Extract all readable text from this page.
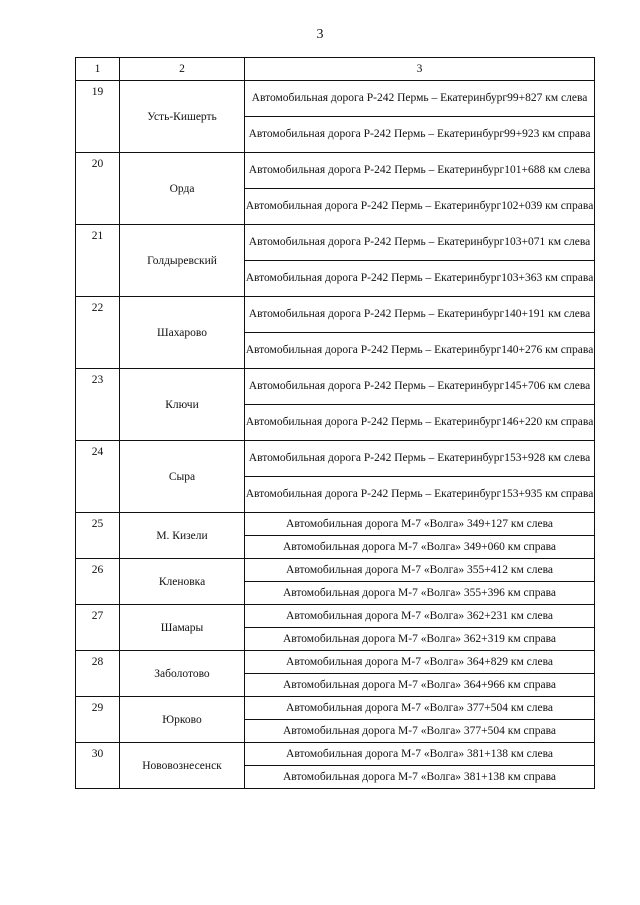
3
1	2	3
19	Усть-Кишерть	Автомобильная дорога Р-242 Пермь – Екатеринбург99+827 км слева
		Автомобильная дорога Р-242 Пермь – Екатеринбург99+923 км справа
20	Орда	Автомобильная дорога Р-242 Пермь – Екатеринбург101+688 км слева
		Автомобильная дорога Р-242 Пермь – Екатеринбург102+039 км справа
21	Голдыревский	Автомобильная дорога Р-242 Пермь – Екатеринбург103+071 км слева
		Автомобильная дорога Р-242 Пермь – Екатеринбург103+363 км справа
22	Шахарово	Автомобильная дорога Р-242 Пермь – Екатеринбург140+191 км слева
		Автомобильная дорога Р-242 Пермь – Екатеринбург140+276 км справа
23	Ключи	Автомобильная дорога Р-242 Пермь – Екатеринбург145+706 км слева
		Автомобильная дорога Р-242 Пермь – Екатеринбург146+220 км справа
24	Сыра	Автомобильная дорога Р-242 Пермь – Екатеринбург153+928 км слева
		Автомобильная дорога Р-242 Пермь – Екатеринбург153+935 км справа
25	М. Кизели	Автомобильная дорога М-7 «Волга» 349+127 км слева
		Автомобильная дорога М-7 «Волга» 349+060 км справа
26	Кленовка	Автомобильная дорога М-7 «Волга» 355+412 км слева
		Автомобильная дорога М-7 «Волга» 355+396 км справа
27	Шамары	Автомобильная дорога М-7 «Волга» 362+231 км слева
		Автомобильная дорога М-7 «Волга» 362+319 км справа
28	Заболотово	Автомобильная дорога М-7 «Волга» 364+829 км слева
		Автомобильная дорога М-7 «Волга» 364+966 км справа
29	Юрково	Автомобильная дорога М-7 «Волга» 377+504 км слева
		Автомобильная дорога М-7 «Волга» 377+504 км справа
30	Нововознесенск	Автомобильная дорога М-7 «Волга» 381+138 км слева
		Автомобильная дорога М-7 «Волга» 381+138 км справа
